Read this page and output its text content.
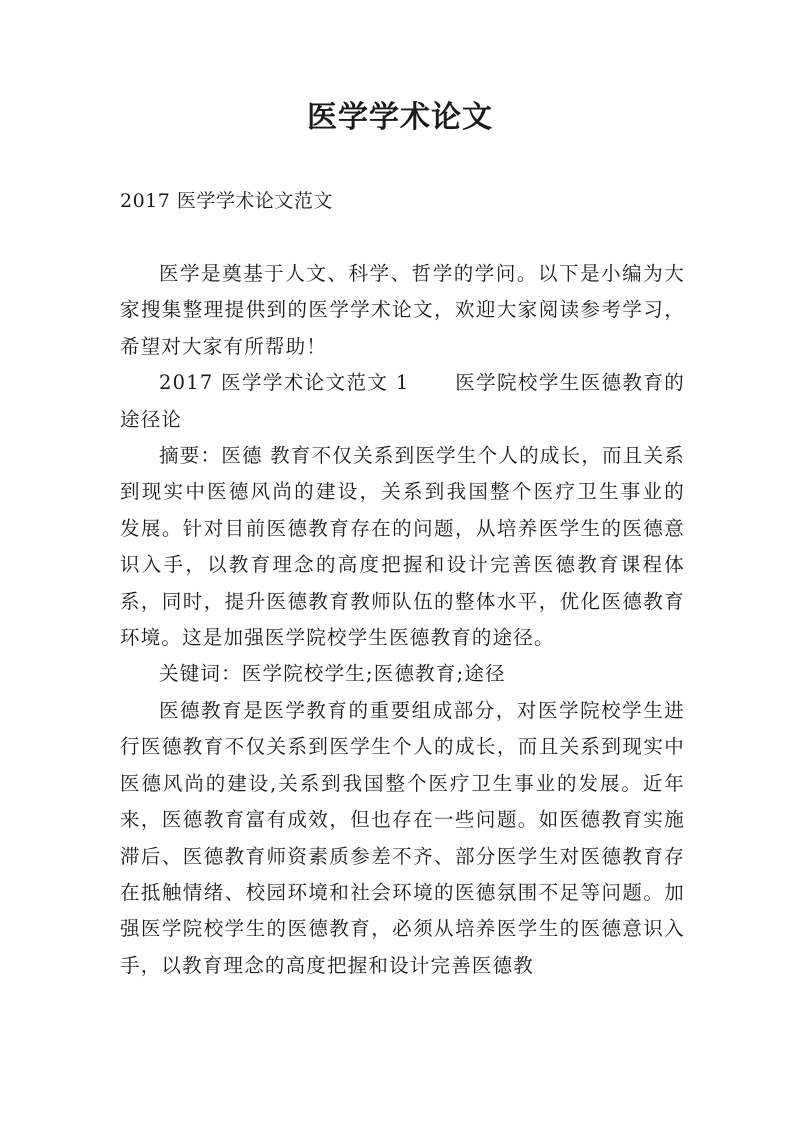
医学学术论文
2017 医学学术论文范文

医学是奠基于人文、科学、哲学的学问。以下是小编为大家搜集整理提供到的医学学术论文，欢迎大家阅读参考学习，希望对大家有所帮助！

2017 医学学术论文范文 1 医学院校学生医德教育的途径论

摘要：医德 教育不仅关系到医学生个人的成长，而且关系到现实中医德风尚的建设，关系到我国整个医疗卫生事业的 发展。针对目前医德教育存在的问题，从培养医学生的医德意识入手，以教育理念的高度把握和设计完善医德教育课程体系，同时，提升医德教育教师队伍的整体水平，优化医德教育环境。这是加强医学院校学生医德教育的途径。

关键词：医学院校学生;医德教育;途径

医德教育是医学教育的重要组成部分，对医学院校学生进行医德教育不仅关系到医学生个人的成长，而且关系到现实中医德风尚的建设,关系到我国整个医疗卫生事业的发展。近年来，医德教育富有成效，但也存在一些问题。如医德教育实施滞后、医德教育师资素质参差不齐、部分医学生对医德教育存在抵触情绪、校园环境和社会环境的医德氛围不足等问题。加强医学院校学生的医德教育，必须从培养医学生的医德意识入手，以教育理念的高度把握和设计完善医德教
